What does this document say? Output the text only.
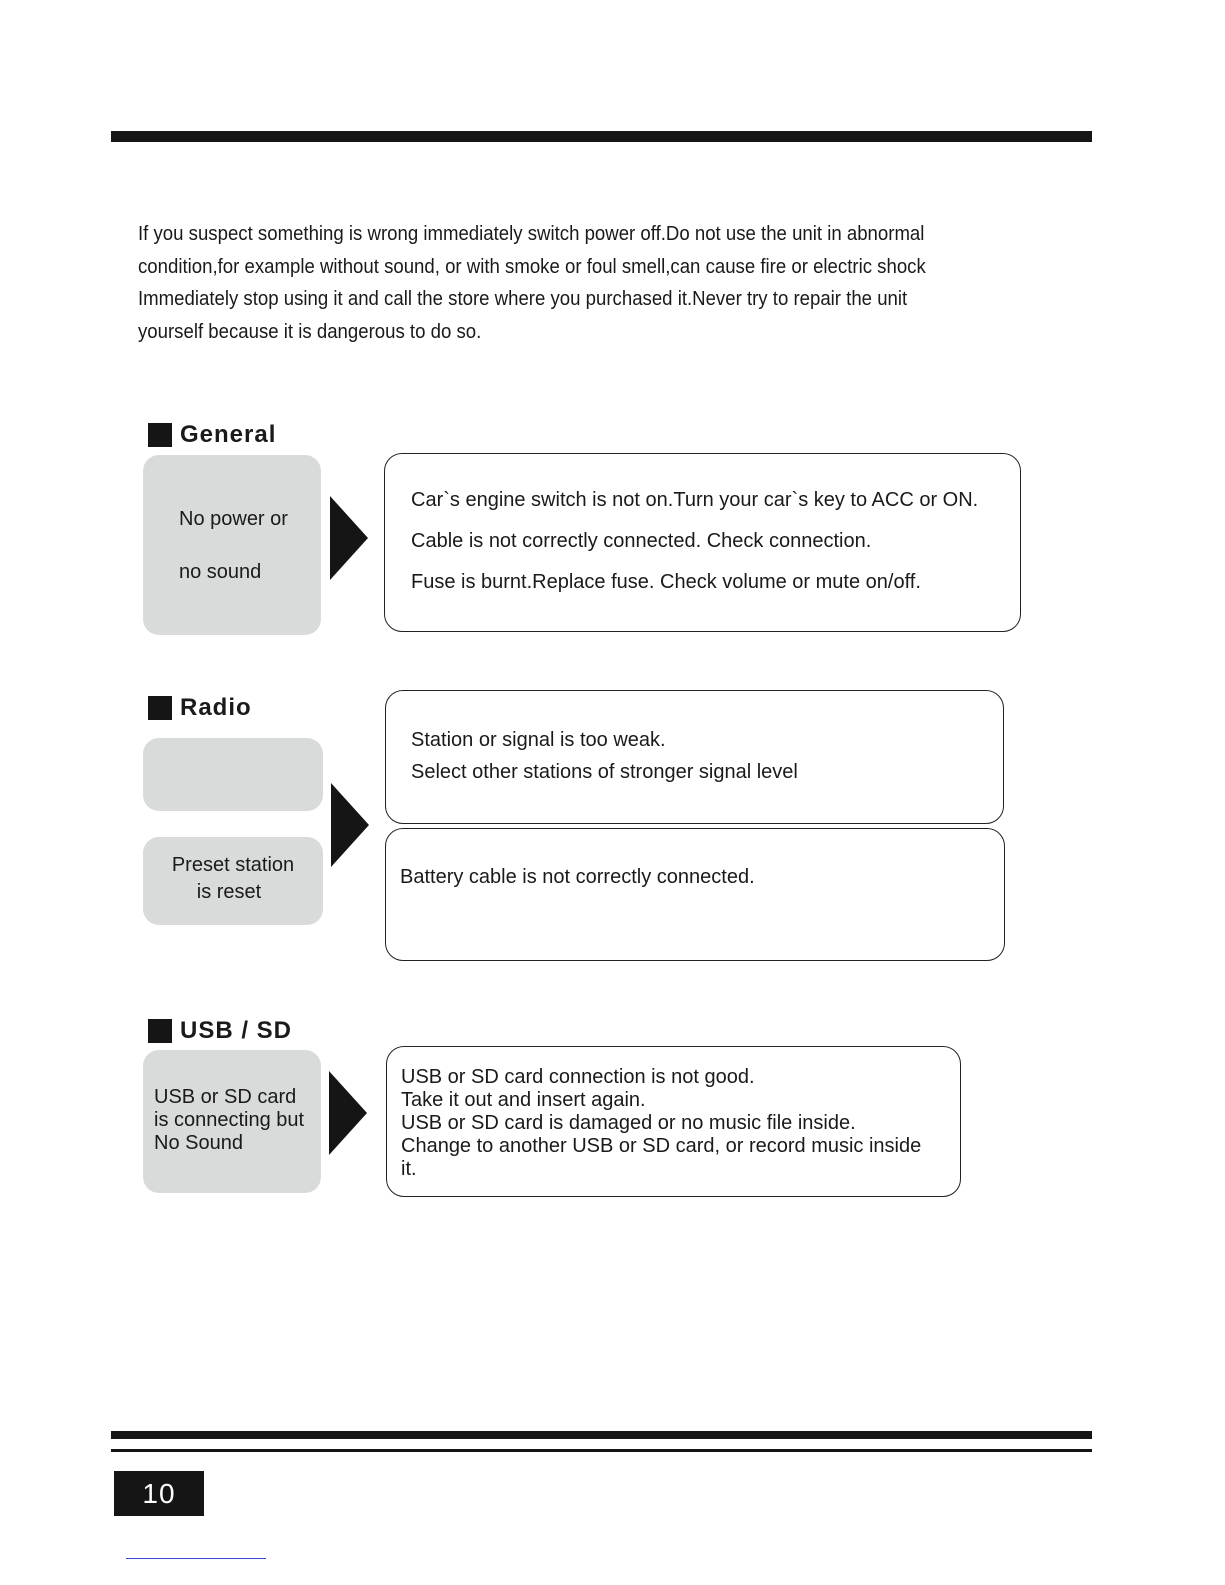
If you suspect something is wrong immediately switch power off.Do not use the unit in abnormal
condition,for example without sound, or with smoke or foul smell,can cause fire or electric shock
Immediately stop using it and call the store where you purchased it.Never try to repair the unit
yourself because it is dangerous to do so.
General
No power or
no sound
Car`s engine switch is not on.Turn your car`s key to ACC or ON.
Cable is not correctly connected. Check connection.
Fuse is burnt.Replace fuse. Check volume or mute on/off.
Radio
Preset station
is reset
Station or signal is too weak.
Select other stations of stronger signal level
Battery cable is not correctly connected.
USB / SD
USB or SD card
is connecting but
No Sound
USB or SD card connection is not good.
Take it out and insert again.
USB or SD card is damaged or no music file inside.
Change to another USB or SD card, or record music inside
it.
10
